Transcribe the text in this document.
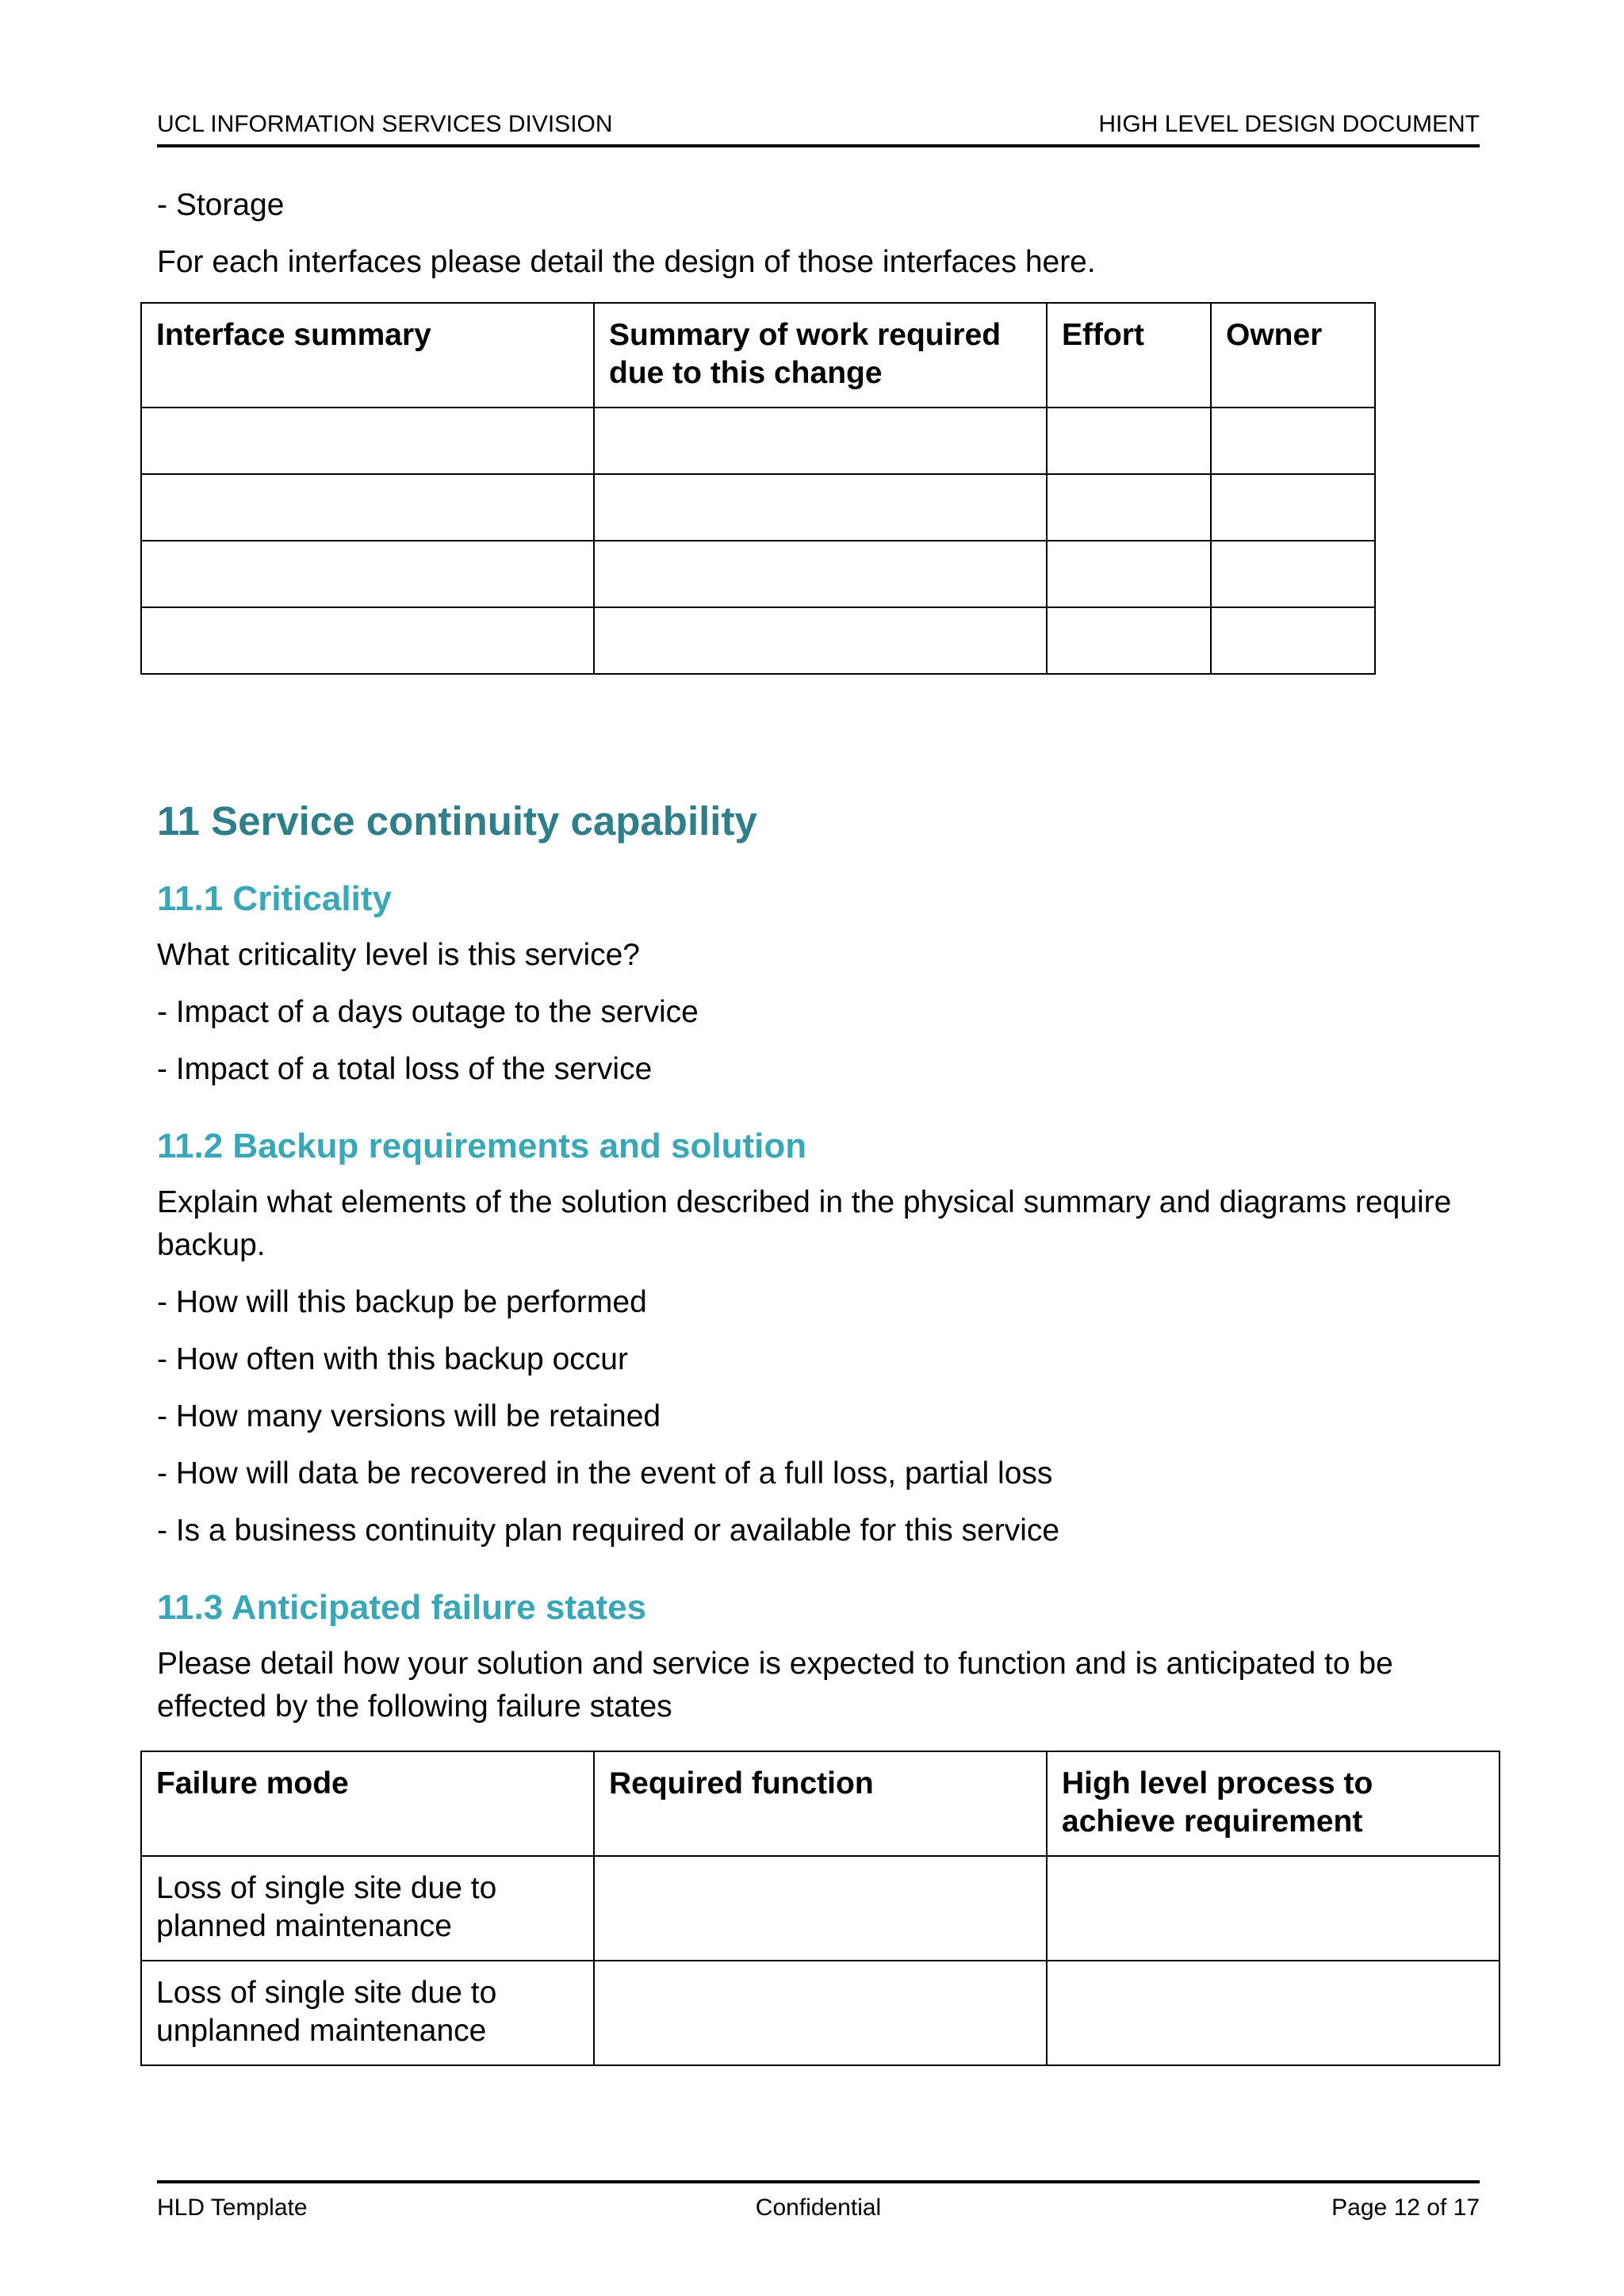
UCL INFORMATION SERVICES DIVISION	HIGH LEVEL DESIGN DOCUMENT

- Storage

For each interfaces please detail the design of those interfaces here.

Interface summary	Summary of work required due to this change	Effort	Owner

11 Service continuity capability
11.1 Criticality

What criticality level is this service?

- Impact of a days outage to the service

- Impact of a total loss of the service

11.2 Backup requirements and solution

Explain what elements of the solution described in the physical summary and diagrams require backup.

- How will this backup be performed

- How often with this backup occur

- How many versions will be retained

- How will data be recovered in the event of a full loss, partial loss

- Is a business continuity plan required or available for this service

11.3 Anticipated failure states

Please detail how your solution and service is expected to function and is anticipated to be effected by the following failure states

Failure mode	Required function	High level process to achieve requirement
Loss of single site due to planned maintenance		
Loss of single site due to unplanned maintenance		
HLD Template	Confidential	Page 12 of 17
